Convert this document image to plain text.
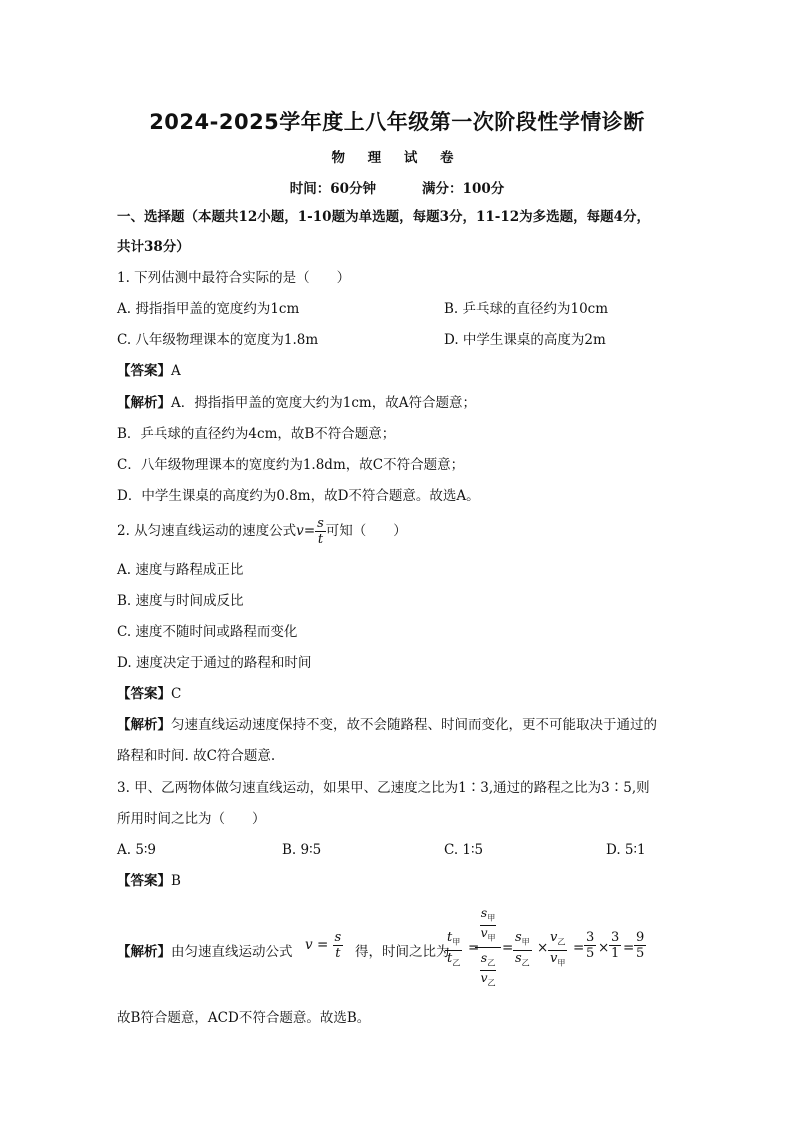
2024-2025学年度上八年级第一次阶段性学情诊断
物 理 试 卷
时间：60分钟	满分：100分
一、选择题（本题共12小题，1-10题为单选题，每题3分，11-12为多选题，每题4分，
共计38分）
1. 下列估测中最符合实际的是（　　）
A. 拇指指甲盖的宽度约为1cm	B. 乒乓球的直径约为10cm
C. 八年级物理课本的宽度为1.8m	D. 中学生课桌的高度为2m
【答案】A
【解析】A．拇指指甲盖的宽度大约为1cm，故A符合题意；
B．乒乓球的直径约为4cm，故B不符合题意；
C．八年级物理课本的宽度约为1.8dm，故C不符合题意；
D．中学生课桌的高度约为0.8m，故D不符合题意。故选A。
2. 从匀速直线运动的速度公式$v= \frac{s}{t}$ 可知（　　）
A. 速度与路程成正比
B. 速度与时间成反比
C. 速度不随时间或路程而变化
D. 速度决定于通过的路程和时间
【答案】C
【解析】匀速直线运动速度保持不变，故不会随路程、时间而变化，更不可能取决于通过的
路程和时间. 故C符合题意.
3. 甲、乙两物体做匀速直线运动，如果甲、乙速度之比为1∶3,通过的路程之比为3∶5,则
所用时间之比为（　　）
A. 5∶9	B. 9∶5	C. 1∶5	D. 5∶1
【答案】B
【解析】由匀速直线运动公式 $v = \frac{s}{t}$ 得，时间之比为
$\frac{t_甲}{t_乙}$ =
$s_甲$
$v_甲$
$s_乙$
$v_乙$
= $\frac{s_甲}{s_乙} \times \frac{v_乙}{v_甲} = \frac{3}{5} \times \frac{3}{1} = \frac{9}{5}$
故B符合题意，ACD不符合题意。故选B。
